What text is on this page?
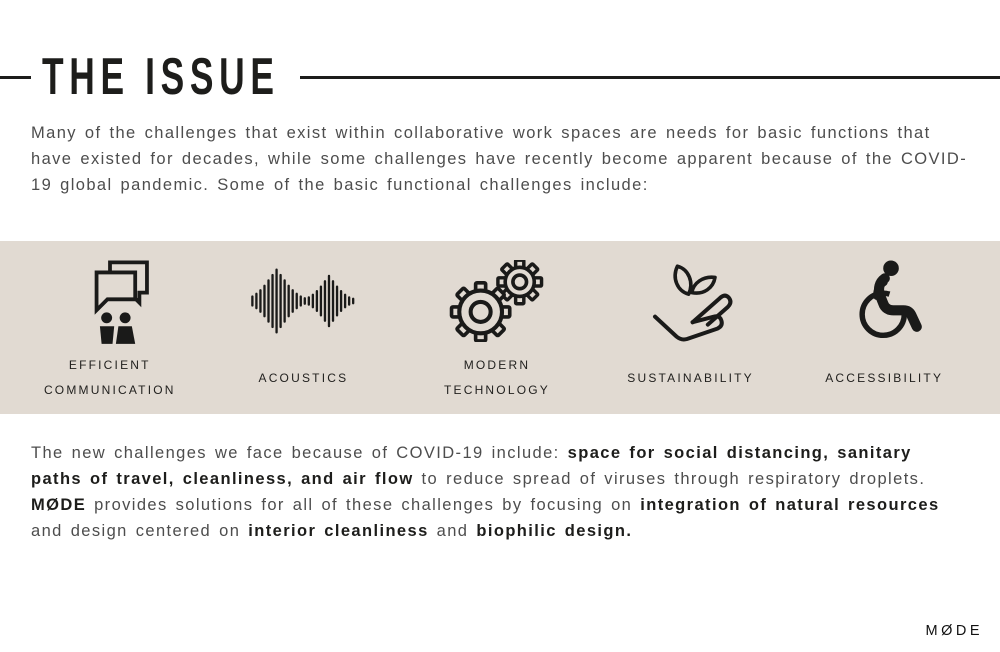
THE ISSUE

Many of the challenges that exist within collaborative work spaces are needs for basic functions that have existed for decades, while some challenges have recently become apparent because of the COVID-19 global pandemic. Some of the basic functional challenges include:

EFFICIENT
COMMUNICATION
ACOUSTICS
MODERN
TECHNOLOGY
SUSTAINABILITY	ACCESSIBILITY

The new challenges we face because of COVID-19 include: space for social distancing, sanitary paths of travel, cleanliness, and air flow to reduce spread of viruses through respiratory droplets. MØDE provides solutions for all of these challenges by focusing on integration of natural resources and design centered on interior cleanliness and biophilic design.

MØDE
